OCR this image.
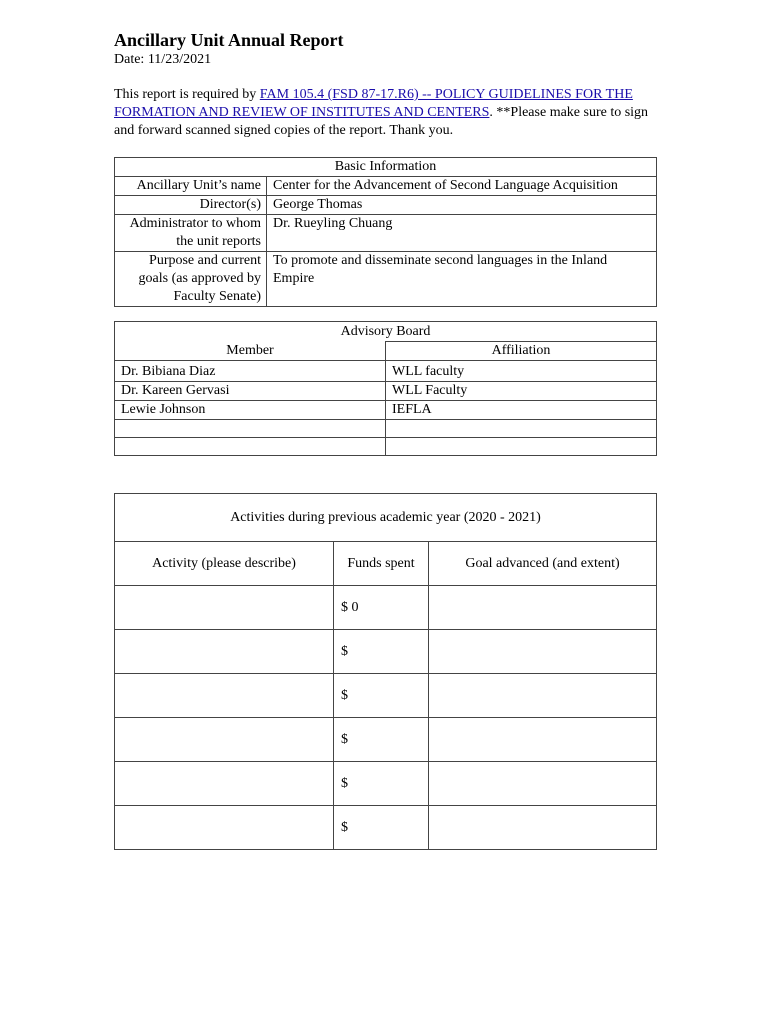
Ancillary Unit Annual Report
Date: 11/23/2021
This report is required by FAM 105.4 (FSD 87-17.R6) -- POLICY GUIDELINES FOR THE FORMATION AND REVIEW OF INSTITUTES AND CENTERS. **Please make sure to sign and forward scanned signed copies of the report. Thank you.
Basic Information	
Ancillary Unit’s name	Center for the Advancement of Second Language Acquisition
Director(s)	George Thomas
Administrator to whom the unit reports	Dr. Rueyling Chuang
Purpose and current goals (as approved by Faculty Senate)	To promote and disseminate second languages in the Inland Empire
Advisory Board	
Member	Affiliation
Dr. Bibiana Diaz	WLL faculty
Dr. Kareen Gervasi	WLL Faculty
Lewie Johnson	IEFLA

Activities during previous academic year (2020 - 2021)		
Activity (please describe)	Funds spent	Goal advanced (and extent)
	$ 0	
	$	
	$	
	$	
	$	
	$	
